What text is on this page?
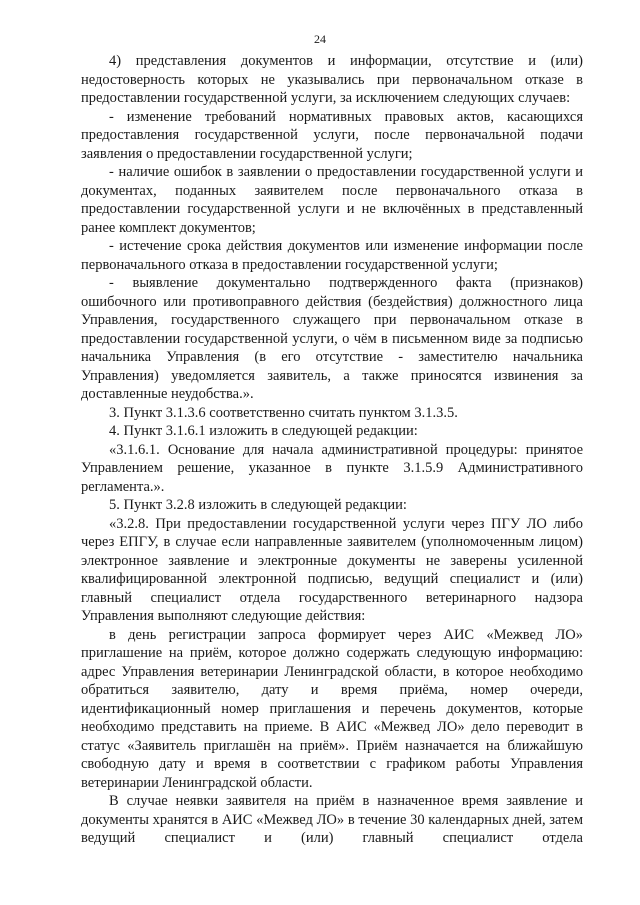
24

4) представления документов и информации, отсутствие и (или) недостоверность которых не указывались при первоначальном отказе в предоставлении государственной услуги, за исключением следующих случаев:

- изменение требований нормативных правовых актов, касающихся предоставления государственной услуги, после первоначальной подачи заявления о предоставлении государственной услуги;

- наличие ошибок в заявлении о предоставлении государственной услуги и документах, поданных заявителем после первоначального отказа в предоставлении государственной услуги и не включённых в представленный ранее комплект документов;

- истечение срока действия документов или изменение информации после первоначального отказа в предоставлении государственной услуги;

- выявление документально подтвержденного факта (признаков) ошибочного или противоправного действия (бездействия) должностного лица Управления, государственного служащего при первоначальном отказе в предоставлении государственной услуги, о чём в письменном виде за подписью начальника Управления (в его отсутствие - заместителю начальника Управления) уведомляется заявитель, а также приносятся извинения за доставленные неудобства.».

3. Пункт 3.1.3.6 соответственно считать пунктом 3.1.3.5.

4. Пункт 3.1.6.1 изложить в следующей редакции:

«3.1.6.1. Основание для начала административной процедуры: принятое Управлением решение, указанное в пункте 3.1.5.9 Административного регламента.».

5. Пункт 3.2.8 изложить в следующей редакции:

«3.2.8. При предоставлении государственной услуги через ПГУ ЛО либо через ЕПГУ, в случае если направленные заявителем (уполномоченным лицом) электронное заявление и электронные документы не заверены усиленной квалифицированной электронной подписью, ведущий специалист и (или) главный специалист отдела государственного ветеринарного надзора Управления выполняют следующие действия:

в день регистрации запроса формирует через АИС «Межвед ЛО» приглашение на приём, которое должно содержать следующую информацию: адрес Управления ветеринарии Ленинградской области, в которое необходимо обратиться заявителю, дату и время приёма, номер очереди, идентификационный номер приглашения и перечень документов, которые необходимо представить на приеме. В АИС «Межвед ЛО» дело переводит в статус «Заявитель приглашён на приём». Приём назначается на ближайшую свободную дату и время в соответствии с графиком работы Управления ветеринарии Ленинградской области.

В случае неявки заявителя на приём в назначенное время заявление и документы хранятся в АИС «Межвед ЛО» в течение 30 календарных дней, затем ведущий специалист и (или) главный специалист отдела
